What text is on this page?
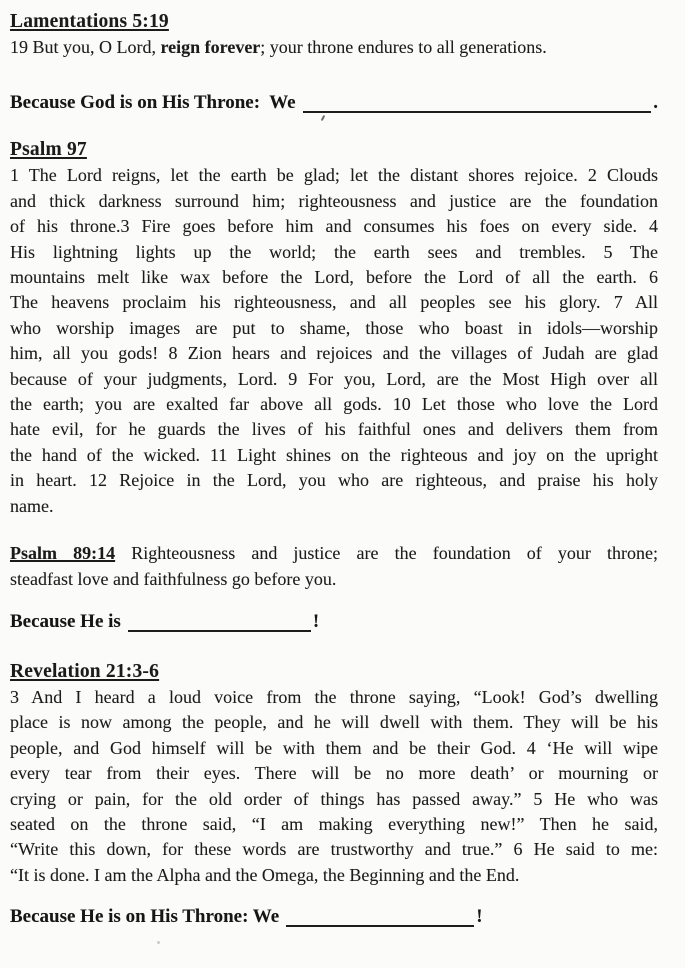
Lamentations 5:19
19 But you, O Lord, reign forever; your throne endures to all generations.
Because God is on His Throne:  We	.
Psalm 97
1 The Lord reigns, let the earth be glad; let the distant shores rejoice. 2 Clouds
and thick darkness surround him; righteousness and justice are the foundation
of his throne.3 Fire goes before him and consumes his foes on every side. 4
His lightning lights up the world; the earth sees and trembles. 5 The
mountains melt like wax before the Lord, before the Lord of all the earth. 6
The heavens proclaim his righteousness, and all peoples see his glory. 7 All
who worship images are put to shame, those who boast in idols—worship
him, all you gods! 8 Zion hears and rejoices and the villages of Judah are glad
because of your judgments, Lord. 9 For you, Lord, are the Most High over all
the earth; you are exalted far above all gods. 10 Let those who love the Lord
hate evil, for he guards the lives of his faithful ones and delivers them from
the hand of the wicked. 11 Light shines on the righteous and joy on the upright
in heart. 12 Rejoice in the Lord, you who are righteous, and praise his holy
name.
Psalm 89:14 Righteousness and justice are the foundation of your throne;
steadfast love and faithfulness go before you.
Because He is	!
Revelation 21:3-6
3 And I heard a loud voice from the throne saying, “Look! God’s dwelling
place is now among the people, and he will dwell with them. They will be his
people, and God himself will be with them and be their God. 4 ‘He will wipe
every tear from their eyes. There will be no more death’ or mourning or
crying or pain, for the old order of things has passed away.” 5 He who was
seated on the throne said, “I am making everything new!” Then he said,
“Write this down, for these words are trustworthy and true.” 6 He said to me:
“It is done. I am the Alpha and the Omega, the Beginning and the End.
Because He is on His Throne: We	!
